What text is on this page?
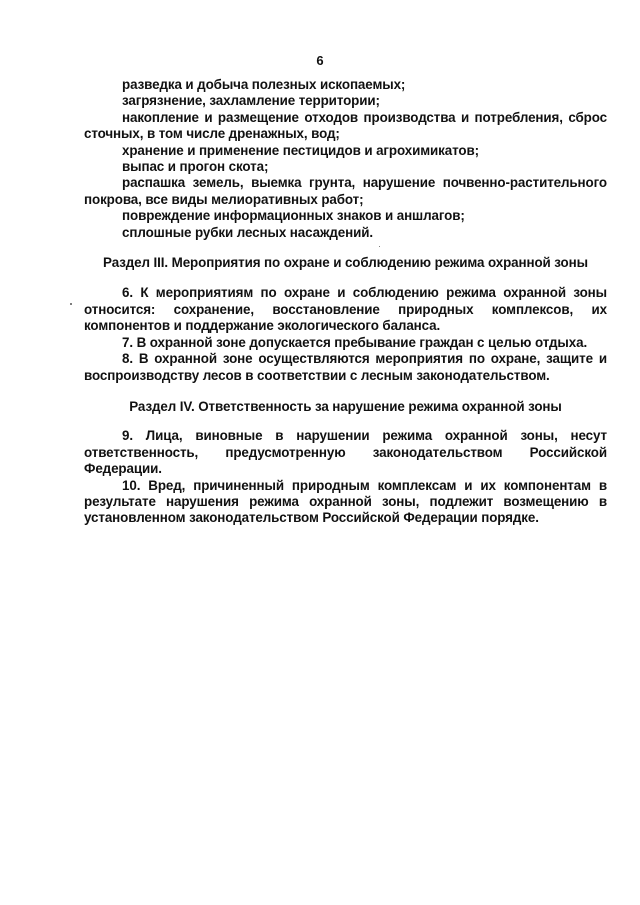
6

разведка и добыча полезных ископаемых;

загрязнение, захламление территории;

накопление и размещение отходов производства и потребления, сброс сточных, в том числе дренажных, вод;

хранение и применение пестицидов и агрохимикатов;

выпас и прогон скота;

распашка земель, выемка грунта, нарушение почвенно-растительного покрова, все виды мелиоративных работ;

повреждение информационных знаков и аншлагов;

сплошные рубки лесных насаждений.

Раздел III. Мероприятия по охране и соблюдению режима охранной зоны

6. К мероприятиям по охране и соблюдению режима охранной зоны относится: сохранение, восстановление природных комплексов, их компонентов и поддержание экологического баланса.

7. В охранной зоне допускается пребывание граждан с целью отдыха.

8. В охранной зоне осуществляются мероприятия по охране, защите и воспроизводству лесов в соответствии с лесным законодательством.

Раздел IV. Ответственность за нарушение режима охранной зоны

9. Лица, виновные в нарушении режима охранной зоны, несут ответственность, предусмотренную законодательством Российской Федерации.

10. Вред, причиненный природным комплексам и их компонентам в результате нарушения режима охранной зоны, подлежит возмещению в установленном законодательством Российской Федерации порядке.
